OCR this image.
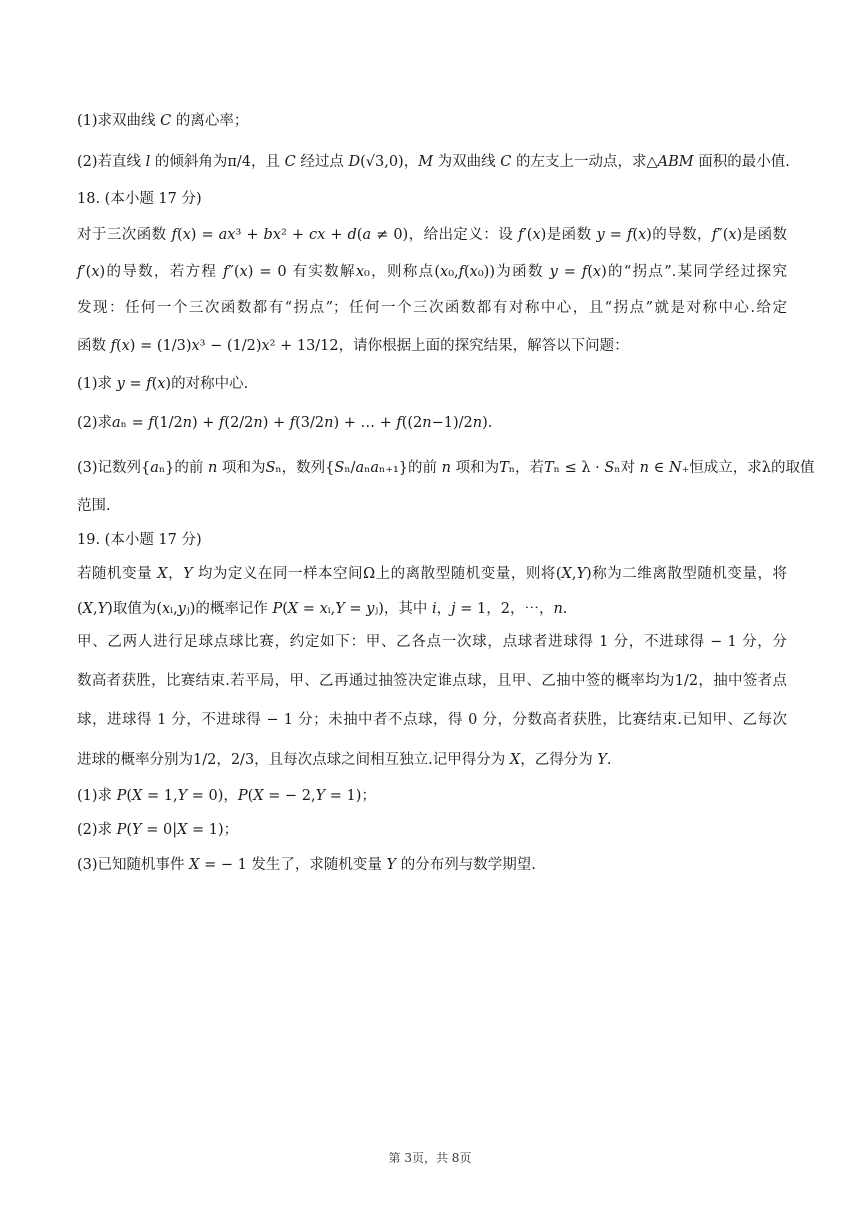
(1)求双曲线 𝐶 的离心率；
(2)若直线 𝑙 的倾斜角为π/4，且 𝐶 经过点 𝐷(√3,0)，𝑀 为双曲线 𝐶 的左支上一动点，求△𝐴𝐵𝑀 面积的最小值.
18. (本小题 17 分)
对于三次函数 𝑓(𝑥) = 𝑎𝑥³ + 𝑏𝑥² + 𝑐𝑥 + 𝑑(𝑎 ≠ 0)，给出定义：设 𝑓′(𝑥)是函数 𝑦 = 𝑓(𝑥)的导数，𝑓″(𝑥)是函数
𝑓′(𝑥)的导数，若方程 𝑓″(𝑥) = 0 有实数解𝑥₀，则称点(𝑥₀,𝑓(𝑥₀))为函数 𝑦 = 𝑓(𝑥)的“拐点”.某同学经过探究
发现：任何一个三次函数都有“拐点”；任何一个三次函数都有对称中心，且“拐点”就是对称中心.给定
函数 𝑓(𝑥) = (1/3)𝑥³ − (1/2)𝑥² + 13/12，请你根据上面的探究结果，解答以下问题：
(1)求 𝑦 = 𝑓(𝑥)的对称中心.
(2)求𝑎ₙ = 𝑓(1/2𝑛) + 𝑓(2/2𝑛) + 𝑓(3/2𝑛) + … + 𝑓((2𝑛−1)/2𝑛).
(3)记数列{𝑎ₙ}的前 𝑛 项和为𝑆ₙ，数列{𝑆ₙ/𝑎ₙ𝑎ₙ₊₁}的前 𝑛 项和为𝑇ₙ，若𝑇ₙ ≤ λ · 𝑆ₙ对 𝑛 ∈ 𝑁₊恒成立，求λ的取值
范围.
19. (本小题 17 分)
若随机变量 𝑋，𝑌 均为定义在同一样本空间Ω上的离散型随机变量，则将(𝑋,𝑌)称为二维离散型随机变量，将
(𝑋,𝑌)取值为(𝑥ᵢ,𝑦ⱼ)的概率记作 𝑃(𝑋 = 𝑥ᵢ,𝑌 = 𝑦ⱼ)，其中 𝑖，𝑗 = 1，2，⋯，𝑛.
甲、乙两人进行足球点球比赛，约定如下：甲、乙各点一次球，点球者进球得 1 分，不进球得 − 1 分，分
数高者获胜，比赛结束.若平局，甲、乙再通过抽签决定谁点球，且甲、乙抽中签的概率均为1/2，抽中签者点
球，进球得 1 分，不进球得 − 1 分；未抽中者不点球，得 0 分，分数高者获胜，比赛结束.已知甲、乙每次
进球的概率分别为1/2，2/3，且每次点球之间相互独立.记甲得分为 𝑋，乙得分为 𝑌.
(1)求 𝑃(𝑋 = 1,𝑌 = 0)，𝑃(𝑋 = − 2,𝑌 = 1)；
(2)求 𝑃(𝑌 = 0|𝑋 = 1)；
(3)已知随机事件 𝑋 = − 1 发生了，求随机变量 𝑌 的分布列与数学期望.
第 3页，共 8页
